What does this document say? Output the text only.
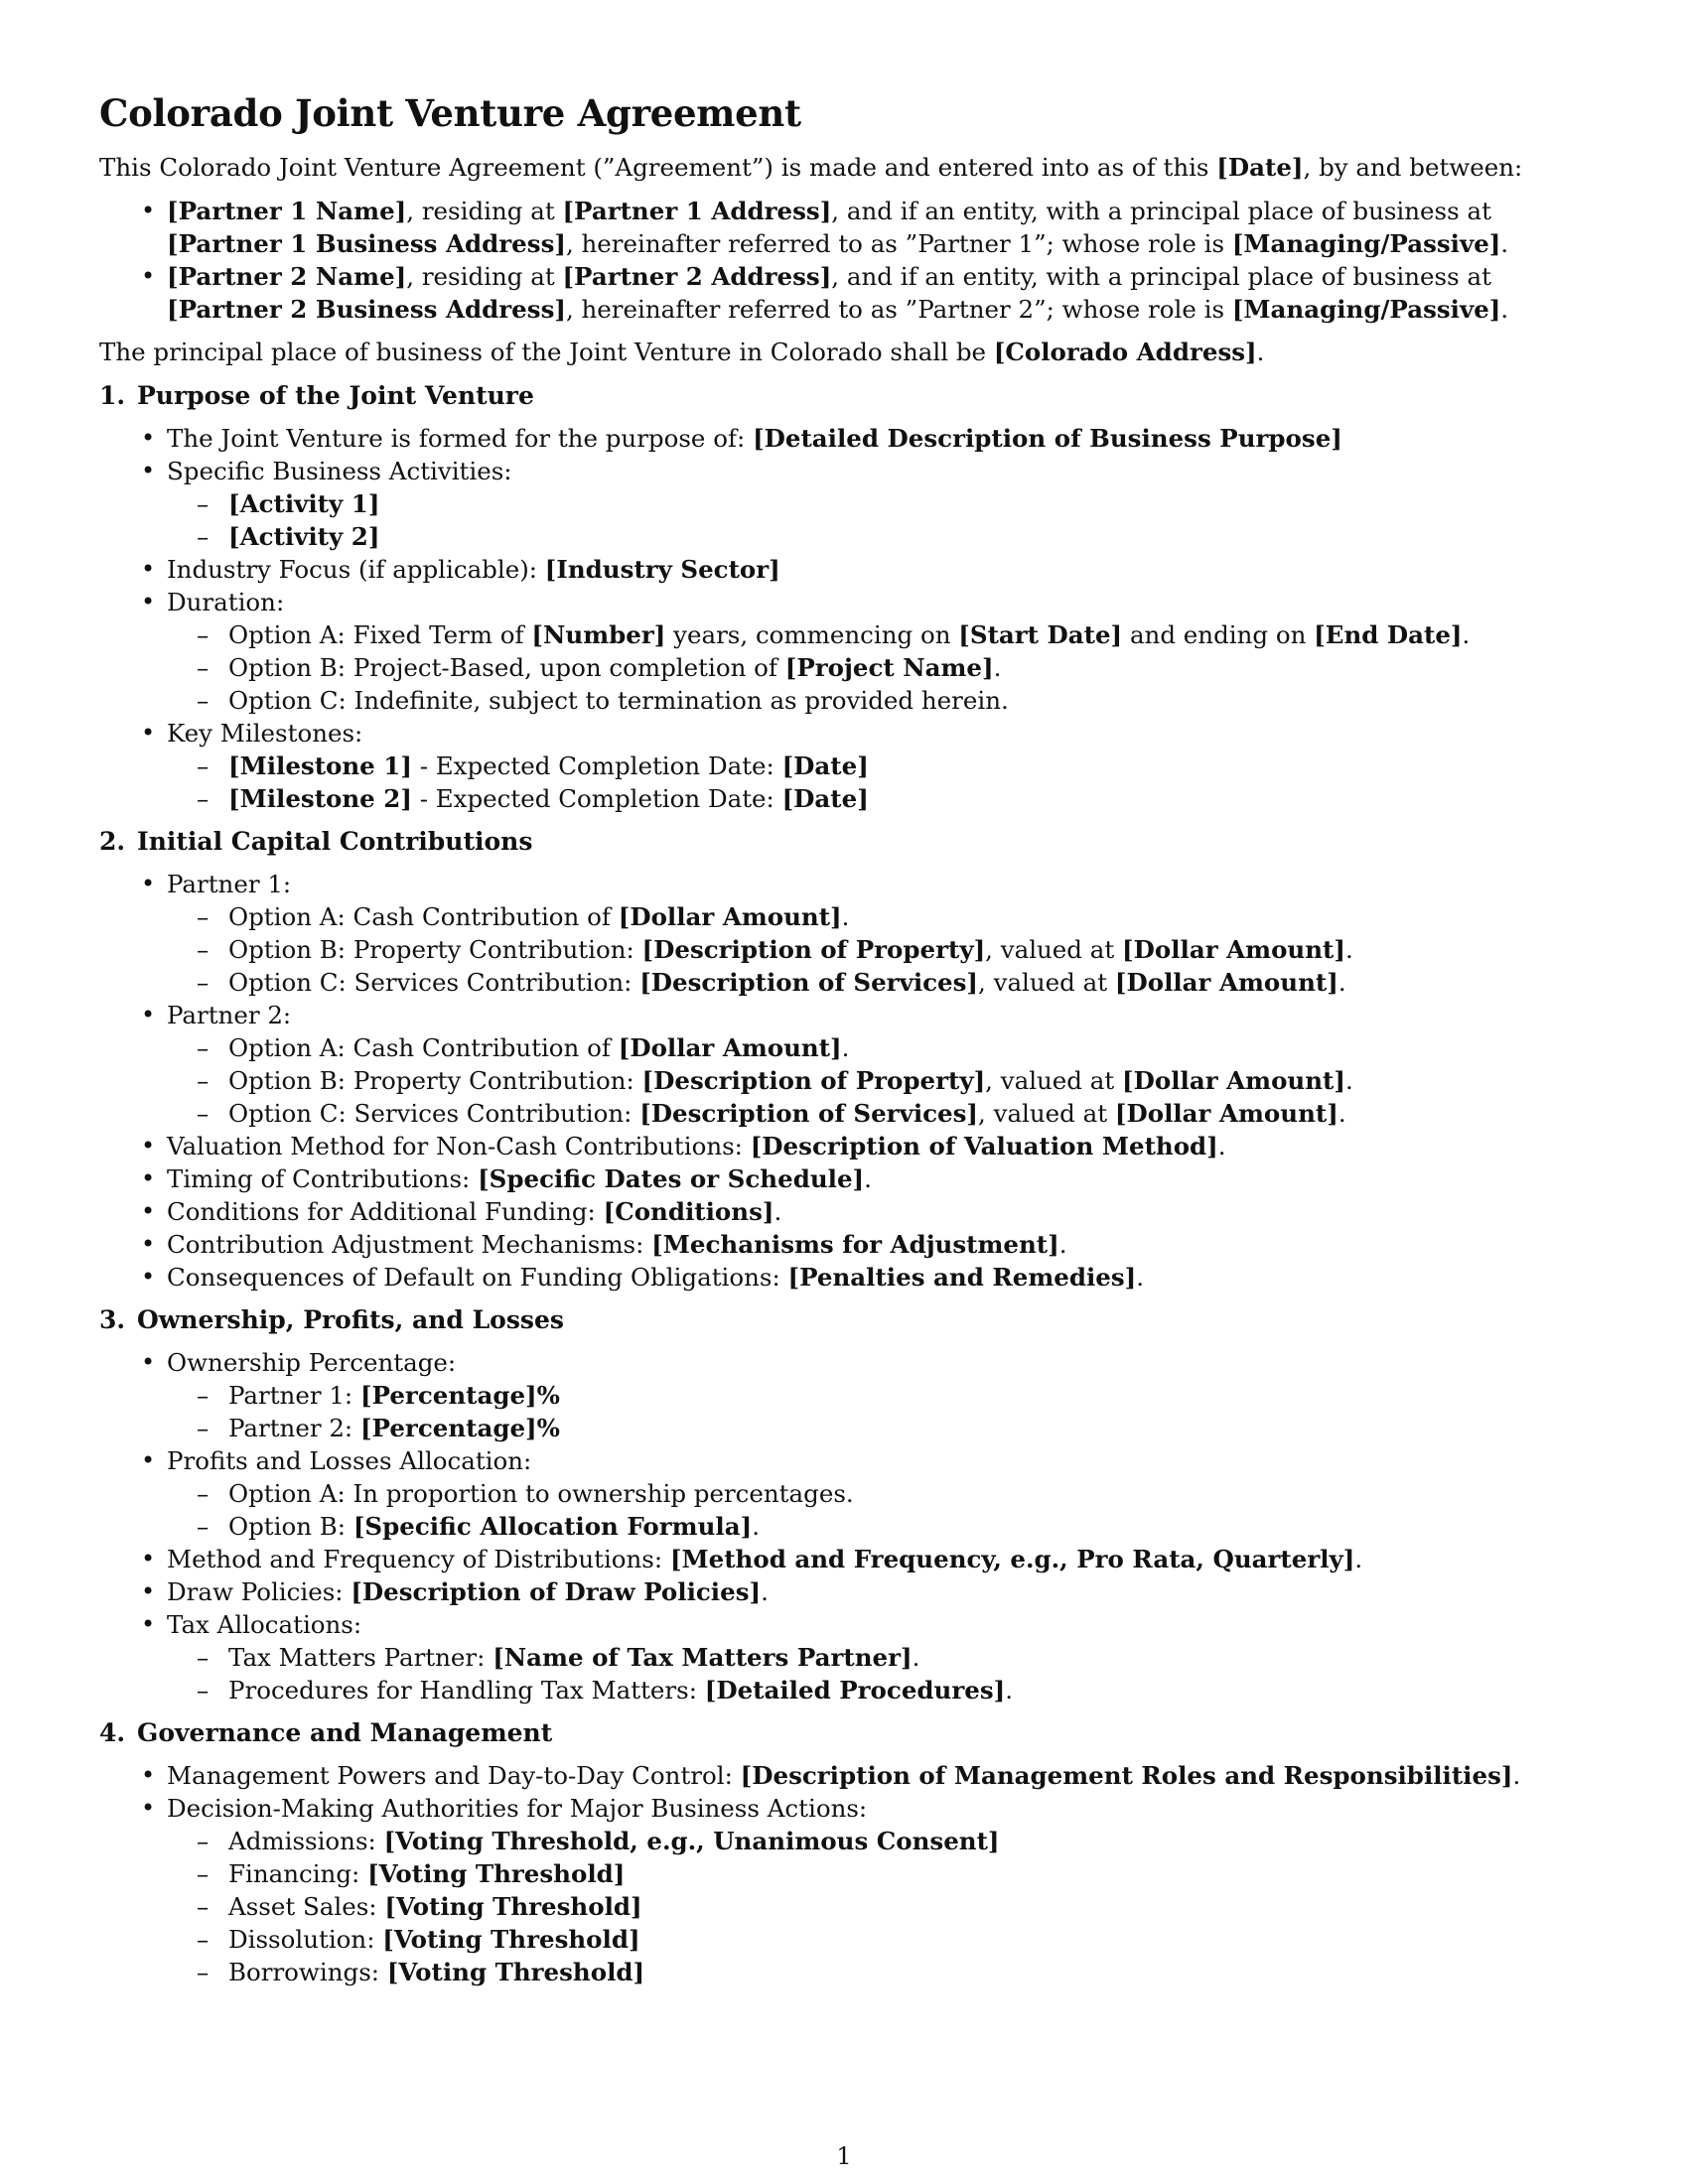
Colorado Joint Venture Agreement

This Colorado Joint Venture Agreement (”Agreement”) is made and entered into as of this [Date], by and between:

• [Partner 1 Name], residing at [Partner 1 Address], and if an entity, with a principal place of business at [Partner 1 Business Address], hereinafter referred to as ”Partner 1”; whose role is [Managing/Passive].
• [Partner 2 Name], residing at [Partner 2 Address], and if an entity, with a principal place of business at [Partner 2 Business Address], hereinafter referred to as ”Partner 2”; whose role is [Managing/Passive].

The principal place of business of the Joint Venture in Colorado shall be [Colorado Address].

1. Purpose of the Joint Venture
• The Joint Venture is formed for the purpose of: [Detailed Description of Business Purpose]
• Specific Business Activities:
– [Activity 1]
– [Activity 2]
• Industry Focus (if applicable): [Industry Sector]
• Duration:
– Option A: Fixed Term of [Number] years, commencing on [Start Date] and ending on [End Date].
– Option B: Project-Based, upon completion of [Project Name].
– Option C: Indefinite, subject to termination as provided herein.
• Key Milestones:
– [Milestone 1] - Expected Completion Date: [Date]
– [Milestone 2] - Expected Completion Date: [Date]
2. Initial Capital Contributions
• Partner 1:
– Option A: Cash Contribution of [Dollar Amount].
– Option B: Property Contribution: [Description of Property], valued at [Dollar Amount].
– Option C: Services Contribution: [Description of Services], valued at [Dollar Amount].
• Partner 2:
– Option A: Cash Contribution of [Dollar Amount].
– Option B: Property Contribution: [Description of Property], valued at [Dollar Amount].
– Option C: Services Contribution: [Description of Services], valued at [Dollar Amount].
• Valuation Method for Non-Cash Contributions: [Description of Valuation Method].
• Timing of Contributions: [Specific Dates or Schedule].
• Conditions for Additional Funding: [Conditions].
• Contribution Adjustment Mechanisms: [Mechanisms for Adjustment].
• Consequences of Default on Funding Obligations: [Penalties and Remedies].
3. Ownership, Profits, and Losses
• Ownership Percentage:
– Partner 1: [Percentage]%
– Partner 2: [Percentage]%
• Profits and Losses Allocation:
– Option A: In proportion to ownership percentages.
– Option B: [Specific Allocation Formula].
• Method and Frequency of Distributions: [Method and Frequency, e.g., Pro Rata, Quarterly].
• Draw Policies: [Description of Draw Policies].
• Tax Allocations:
– Tax Matters Partner: [Name of Tax Matters Partner].
– Procedures for Handling Tax Matters: [Detailed Procedures].
4. Governance and Management
• Management Powers and Day-to-Day Control: [Description of Management Roles and Responsibilities].
• Decision-Making Authorities for Major Business Actions:
– Admissions: [Voting Threshold, e.g., Unanimous Consent]
– Financing: [Voting Threshold]
– Asset Sales: [Voting Threshold]
– Dissolution: [Voting Threshold]
– Borrowings: [Voting Threshold]
1
